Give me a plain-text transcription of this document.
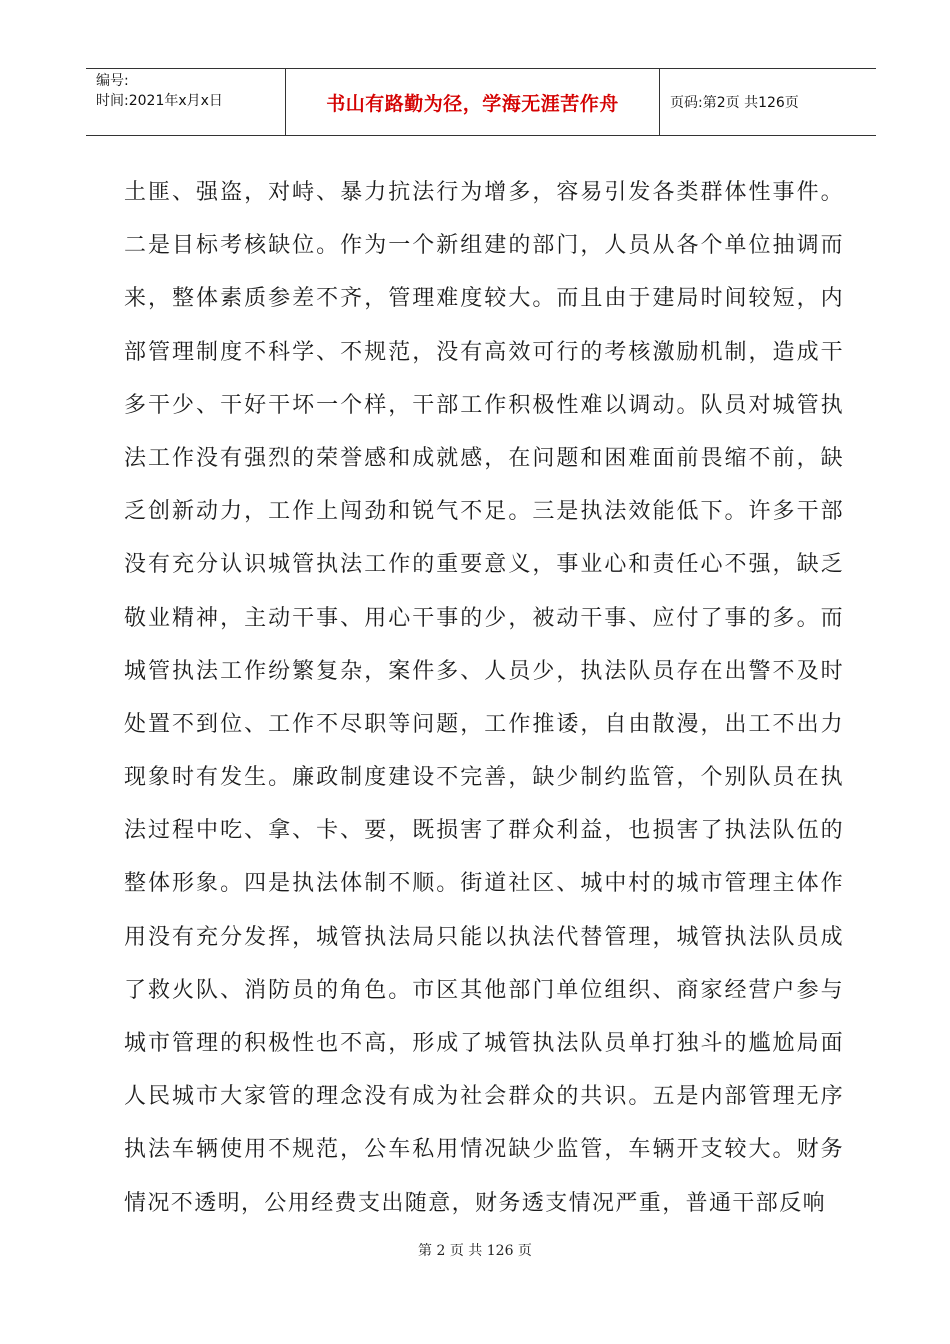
编号:
时间:2021年x月x日	书山有路勤为径，学海无涯苦作舟	页码:第2页 共126页
土匪、强盗，对峙、暴力抗法行为增多，容易引发各类群体性事件。
二是目标考核缺位。作为一个新组建的部门，人员从各个单位抽调而
来，整体素质参差不齐，管理难度较大。而且由于建局时间较短，内
部管理制度不科学、不规范，没有高效可行的考核激励机制，造成干
多干少、干好干坏一个样，干部工作积极性难以调动。队员对城管执
法工作没有强烈的荣誉感和成就感，在问题和困难面前畏缩不前，缺
乏创新动力，工作上闯劲和锐气不足。三是执法效能低下。许多干部
没有充分认识城管执法工作的重要意义，事业心和责任心不强，缺乏
敬业精神，主动干事、用心干事的少，被动干事、应付了事的多。而
城管执法工作纷繁复杂，案件多、人员少，执法队员存在出警不及时
处置不到位、工作不尽职等问题，工作推诿，自由散漫，出工不出力
现象时有发生。廉政制度建设不完善，缺少制约监管，个别队员在执
法过程中吃、拿、卡、要，既损害了群众利益，也损害了执法队伍的
整体形象。四是执法体制不顺。街道社区、城中村的城市管理主体作
用没有充分发挥，城管执法局只能以执法代替管理，城管执法队员成
了救火队、消防员的角色。市区其他部门单位组织、商家经营户参与
城市管理的积极性也不高，形成了城管执法队员单打独斗的尴尬局面
人民城市大家管的理念没有成为社会群众的共识。五是内部管理无序
执法车辆使用不规范，公车私用情况缺少监管，车辆开支较大。财务
情况不透明，公用经费支出随意，财务透支情况严重，普通干部反响
第 2 页 共 126 页
